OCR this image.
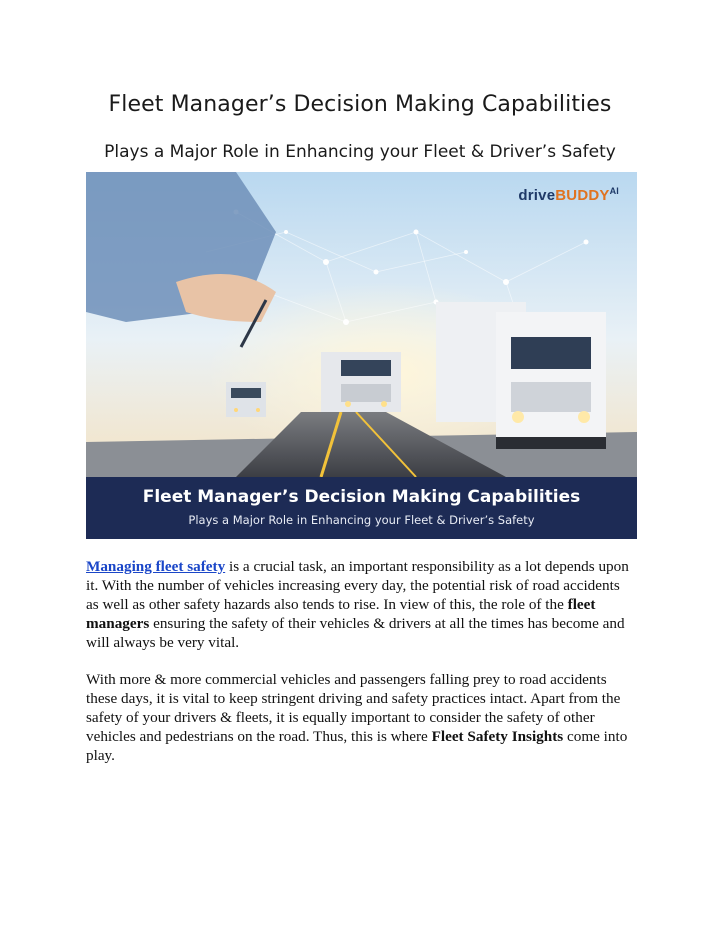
Fleet Manager’s Decision Making Capabilities
Plays a Major Role in Enhancing your Fleet & Driver’s Safety
driveBUDDY$^{AI}$
Fleet Manager’s Decision Making Capabilities
Plays a Major Role in Enhancing your Fleet & Driver’s Safety
Managing fleet safety is a crucial task, an important responsibility as a lot depends upon it. With the number of vehicles increasing every day, the potential risk of road accidents as well as other safety hazards also tends to rise. In view of this, the role of the fleet managers ensuring the safety of their vehicles & drivers at all the times has become and will always be very vital.
With more & more commercial vehicles and passengers falling prey to road accidents these days, it is vital to keep stringent driving and safety practices intact. Apart from the safety of your drivers & fleets, it is equally important to consider the safety of other vehicles and pedestrians on the road. Thus, this is where Fleet Safety Insights come into play.
